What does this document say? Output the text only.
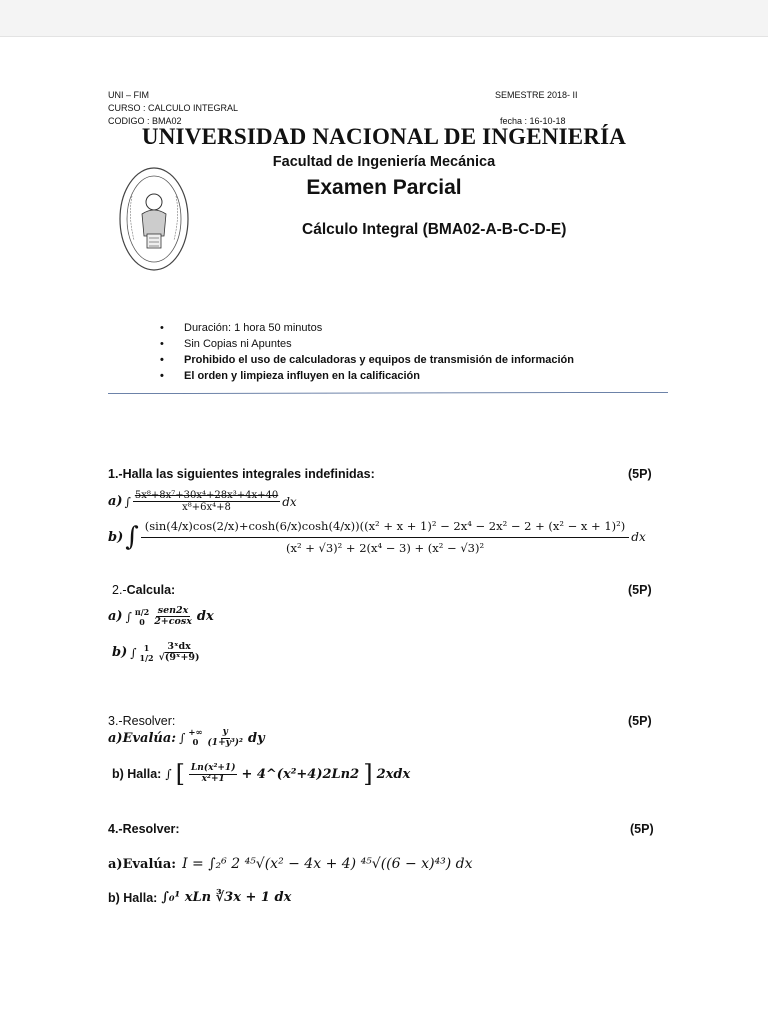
UNI – FIM
CURSO : CALCULO INTEGRAL
CODIGO : BMA02
SEMESTRE 2018- II
fecha : 16-10-18
UNIVERSIDAD NACIONAL DE INGENIERÍA
Facultad de Ingeniería Mecánica
Examen Parcial
Cálculo Integral (BMA02-A-B-C-D-E)
• Duración: 1 hora 50 minutos
• Sin Copias ni Apuntes
• Prohibido el uso de calculadoras y equipos de transmisión de información
• El orden y limpieza influyen en la calificación
1.-Halla las siguientes integrales indefinidas:	(5P)
a) ∫ $\frac{\text{5x⁸+8x⁷+30x⁴+28x³+4x+40}}{\text{x⁸+6x⁴+8}}$ dx
b) ∫ (sin(4/x)cos(2/x)+cosh(6/x)cosh(4/x))((x² + x + 1)² − 2x⁴ − 2x² − 2 + (x² − x + 1)²)
(x² + √3)² + 2(x⁴ − 3) + (x² − √3)²
dx
2.-Calcula:	(5P)
a) ∫ π/2
$0 \frac{\text{sen2x}}{2+\cos x}$ dx
b) ∫ 1
$1/2 \frac{\text{3ˣdx}}{\text{√(9ˣ+9)}}$
3.-Resolver:	(5P)
a)Evalúa: ∫ +∞
$0 \frac{y}{\text{(1+y³)²}}$ dy
b) Halla: ∫ [ $\frac{\text{Ln(x²+1)}}{\text{x²+1}}$ + 4^(x²+4)2Ln2 ] 2xdx
4.-Resolver:	(5P)
a)Evalúa: I = ∫₂⁶ 2 ⁴⁵√(x² − 4x + 4) ⁴⁵√((6 − x)⁴³) dx
b) Halla: ∫₀¹ xLn ∛3x + 1 dx
